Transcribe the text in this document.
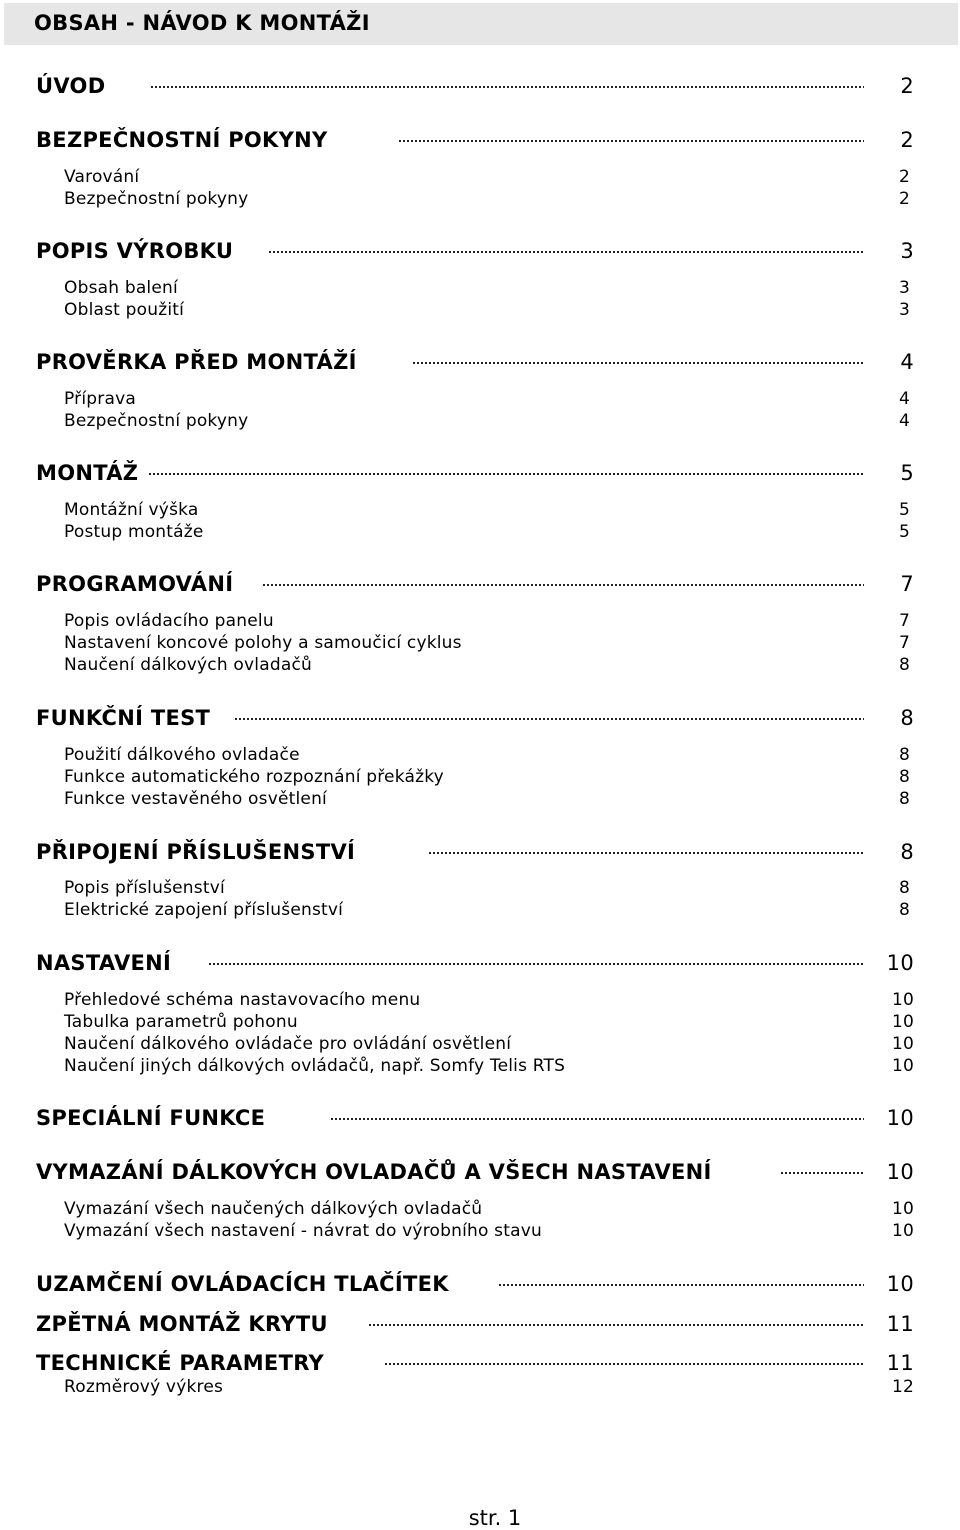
OBSAH - NÁVOD K MONTÁŽI
ÚVOD	2
BEZPEČNOSTNÍ POKYNY	2
Varování	2
Bezpečnostní pokyny	2
POPIS VÝROBKU	3
Obsah balení	3
Oblast použití	3
PROVĚRKA PŘED MONTÁŽÍ	4
Příprava	4
Bezpečnostní pokyny	4
MONTÁŽ	5
Montážní výška	5
Postup montáže	5
PROGRAMOVÁNÍ	7
Popis ovládacího panelu	7
Nastavení koncové polohy a samoučicí cyklus	7
Naučení dálkových ovladačů	8
FUNKČNÍ TEST	8
Použití dálkového ovladače	8
Funkce automatického rozpoznání překážky	8
Funkce vestavěného osvětlení	8
PŘIPOJENÍ PŘÍSLUŠENSTVÍ	8
Popis příslušenství	8
Elektrické zapojení příslušenství	8
NASTAVENÍ	10
Přehledové schéma nastavovacího menu	10
Tabulka parametrů pohonu	10
Naučení dálkového ovládače pro ovládání osvětlení	10
Naučení jiných dálkových ovládačů, např. Somfy Telis RTS	10
SPECIÁLNÍ FUNKCE	10
VYMAZÁNÍ DÁLKOVÝCH OVLADAČŮ A VŠECH NASTAVENÍ	10
Vymazání všech naučených dálkových ovladačů	10
Vymazání všech nastavení - návrat do výrobního stavu	10
UZAMČENÍ OVLÁDACÍCH TLAČÍTEK	10
ZPĚTNÁ MONTÁŽ KRYTU	11
TECHNICKÉ PARAMETRY	11
Rozměrový výkres	12
str. 1
